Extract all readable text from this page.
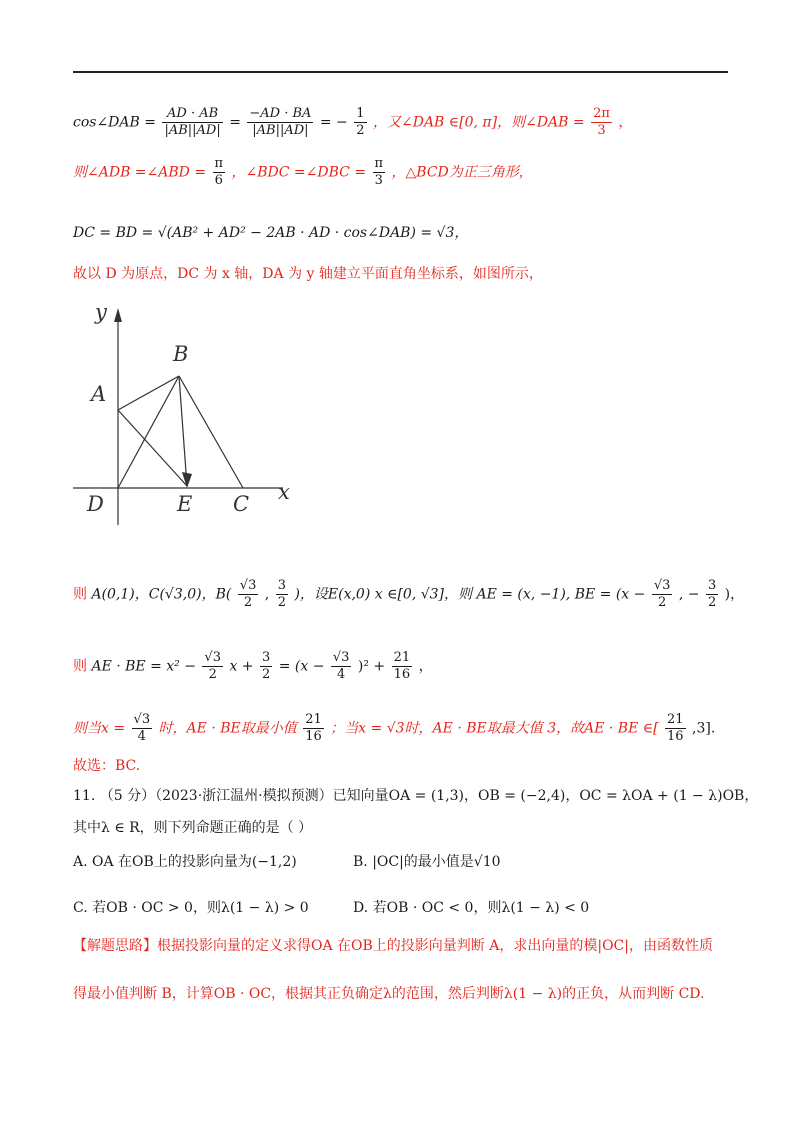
cos∠DAB = $\frac{AD \cdot AB}{|AB||AD|} = \frac{-AD \cdot BA}{|AB||AD|}$ = − $\frac{1}{2}$ ，又∠DAB ∈[0, π]，则∠DAB = $\frac{2\pi}{3}$ ，
则∠ADB =∠ABD = $\frac{\pi}{6}$ ，∠BDC =∠DBC = $\frac{\pi}{3}$ ，△BCD为正三角形，
DC = BD = √(AB² + AD² − 2AB · AD · cos∠DAB) = √3，
故以 D 为原点，DC 为 x 轴，DA 为 y 轴建立平面直角坐标系，如图所示，
y
x
A
B
D	E C
则 A(0,1)，C(√3,0)，$B( \frac{√3}{2}$ , $\frac{3}{2}$ )，设E(x,0) x ∈[0, √3]，则 AE = (x, −1), BE = ($x - \frac{√3}{2}$ , − $\frac{3}{2}$ )，
则 AE · BE = $x^2 - \frac{√3}{2}$ $x + \frac{3}{2} = (x - \frac{√3}{4} )^2 + \frac{21}{16}$ ，
则当$x = \frac{√3}{4}$ 时，AE · BE取最小值 $\frac{21}{16}$ ；当x = √3时，AE · BE取最大值 3，故AE · BE ∈[ $\frac{21}{16} ,3$].
故选：BC.
11. （5 分）（2023·浙江温州·模拟预测）已知向量OA = (1,3)，OB = (−2,4)，OC = λOA + (1 − λ)OB，
其中λ ∈ R，则下列命题正确的是（ ）
A. OA 在OB上的投影向量为(−1,2)	B. |OC|的最小值是√10
C. 若OB · OC > 0，则λ(1 − λ) > 0	D. 若OB · OC < 0，则λ(1 − λ) < 0
【解题思路】根据投影向量的定义求得OA 在OB上的投影向量判断 A，求出向量的模|OC|，由函数性质
得最小值判断 B，计算OB · OC，根据其正负确定λ的范围，然后判断λ(1 − λ)的正负，从而判断 CD.
